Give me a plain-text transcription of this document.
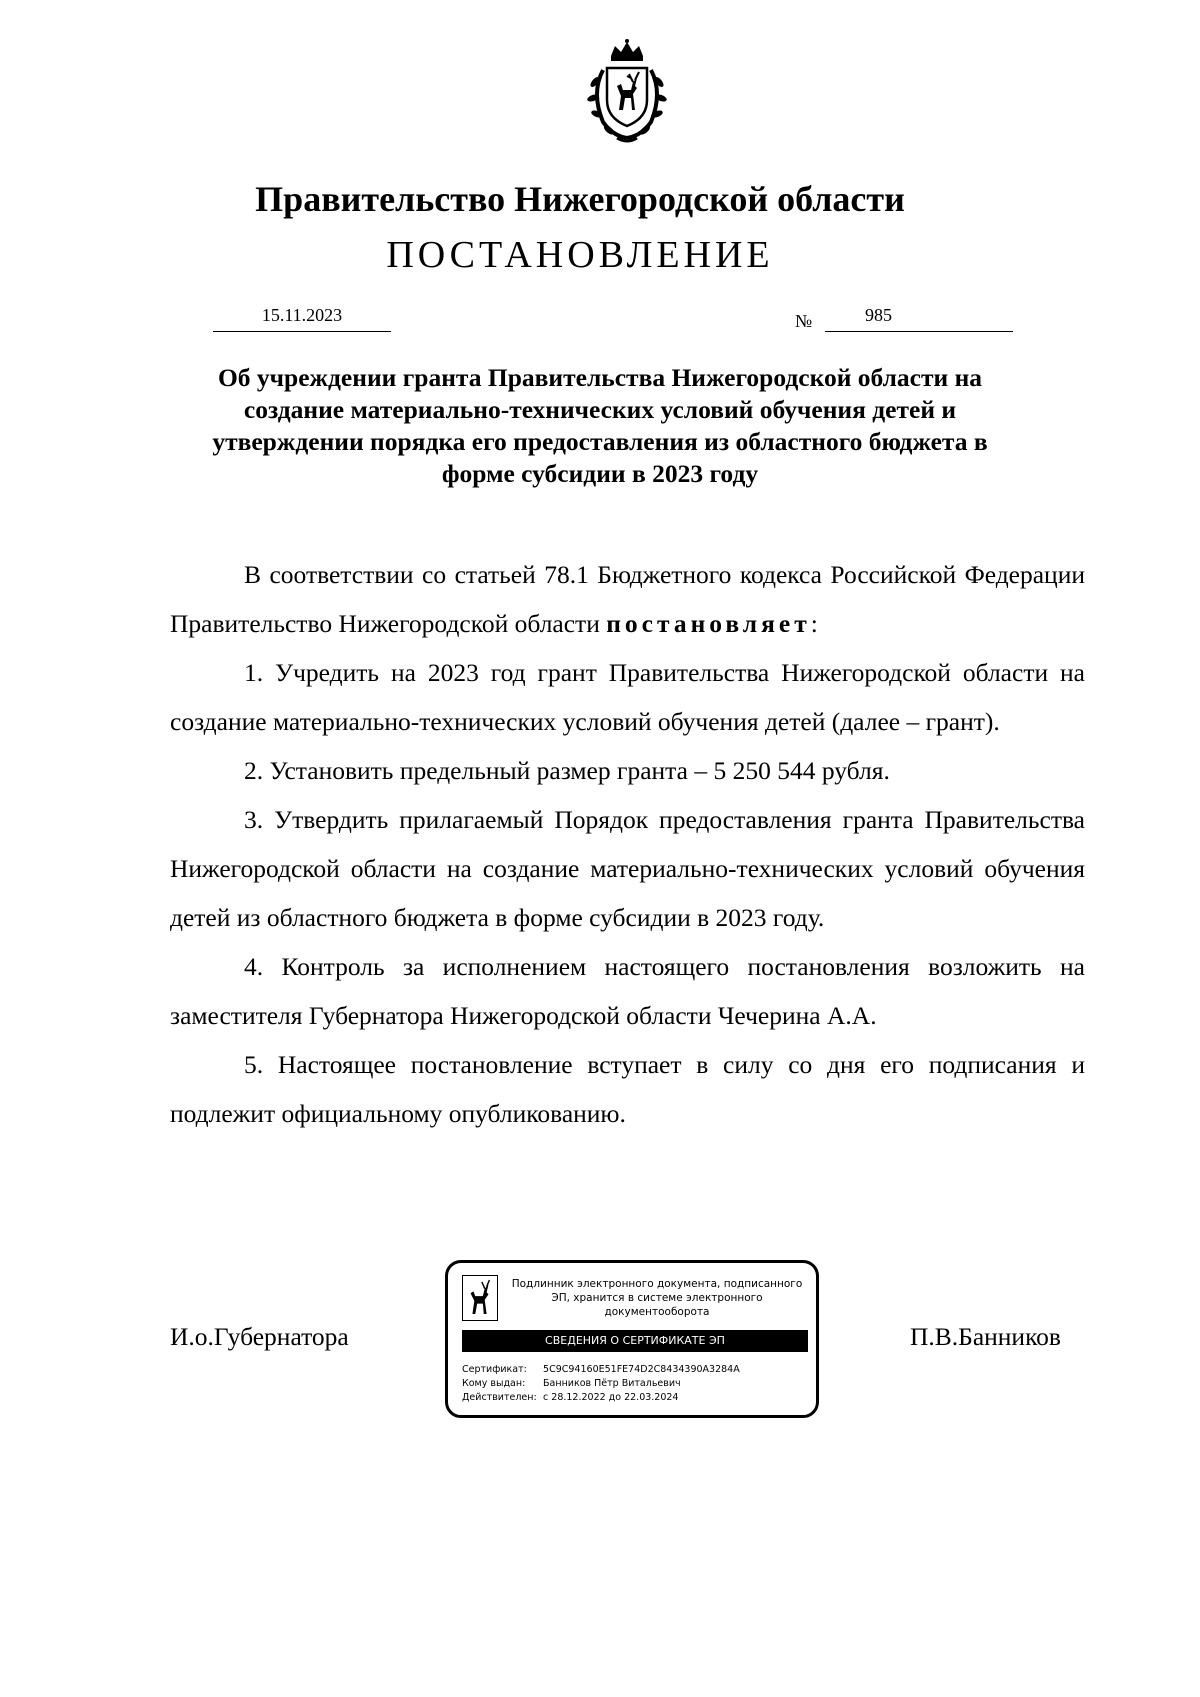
Правительство Нижегородской области
ПОСТАНОВЛЕНИЕ
15.11.2023	№	985
Об учреждении гранта Правительства Нижегородской области на создание материально-технических условий обучения детей и утверждении порядка его предоставления из областного бюджета в форме субсидии в 2023 году

В соответствии со статьей 78.1 Бюджетного кодекса Российской Федерации Правительство Нижегородской области постановляет:

1. Учредить на 2023 год грант Правительства Нижегородской области на создание материально-технических условий обучения детей (далее – грант).

2. Установить предельный размер гранта – 5 250 544 рубля.

3. Утвердить прилагаемый Порядок предоставления гранта Правительства Нижегородской области на создание материально-технических условий обучения детей из областного бюджета в форме субсидии в 2023 году.

4. Контроль за исполнением настоящего постановления возложить на заместителя Губернатора Нижегородской области Чечерина А.А.

5. Настоящее постановление вступает в силу со дня его подписания и подлежит официальному опубликованию.

И.о.Губернатора	П.В.Банников
Подлинник электронного документа, подписанного ЭП, хранится в системе электронного документооборота
СВЕДЕНИЯ О СЕРТИФИКАТЕ ЭП
Сертификат: 5C9C94160E51FE74D2C8434390A3284A
Кому выдан: Банников Пётр Витальевич
Действителен: с 28.12.2022 до 22.03.2024
